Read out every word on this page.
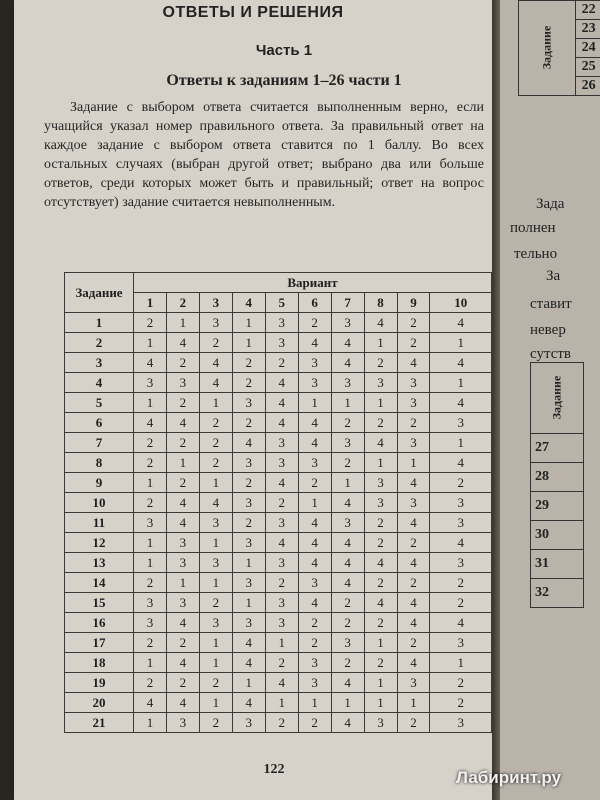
ОТВЕТЫ И РЕШЕНИЯ
Часть 1
Ответы к заданиям 1–26 части 1
Задание с выбором ответа считается выполненным верно, если учащийся указал номер правильного ответа. За правильный ответ на каждое задание с выбором ответа ставится по 1 баллу. Во всех остальных случаях (выбран другой ответ; выбрано два или больше ответов, среди которых может быть и правильный; ответ на вопрос отсутствует) задание считается невыполненным.
Задание	Вариант									
	1	2	3	4	5	6	7	8	9	10
1	2	1	3	1	3	2	3	4	2	4
2	1	4	2	1	3	4	4	1	2	1
3	4	2	4	2	2	3	4	2	4	4
4	3	3	4	2	4	3	3	3	3	1
5	1	2	1	3	4	1	1	1	3	4
6	4	4	2	2	4	4	2	2	2	3
7	2	2	2	4	3	4	3	4	3	1
8	2	1	2	3	3	3	2	1	1	4
9	1	2	1	2	4	2	1	3	4	2
10	2	4	4	3	2	1	4	3	3	3
11	3	4	3	2	3	4	3	2	4	3
12	1	3	1	3	4	4	4	2	2	4
13	1	3	3	1	3	4	4	4	4	3
14	2	1	1	3	2	3	4	2	2	2
15	3	3	2	1	3	4	2	4	4	2
16	3	4	3	3	3	2	2	2	4	4
17	2	2	1	4	1	2	3	1	2	3
18	1	4	1	4	2	3	2	2	4	1
19	2	2	2	1	4	3	4	1	3	2
20	4	4	1	4	1	1	1	1	1	2
21	1	3	2	3	2	2	4	3	2	3
122
Задание	22
23
24
25
26
Зада
полнен
тельно
За
ставит
невер
сутств
Задание
27
28
29
30
31
32
Лабиринт.ру
